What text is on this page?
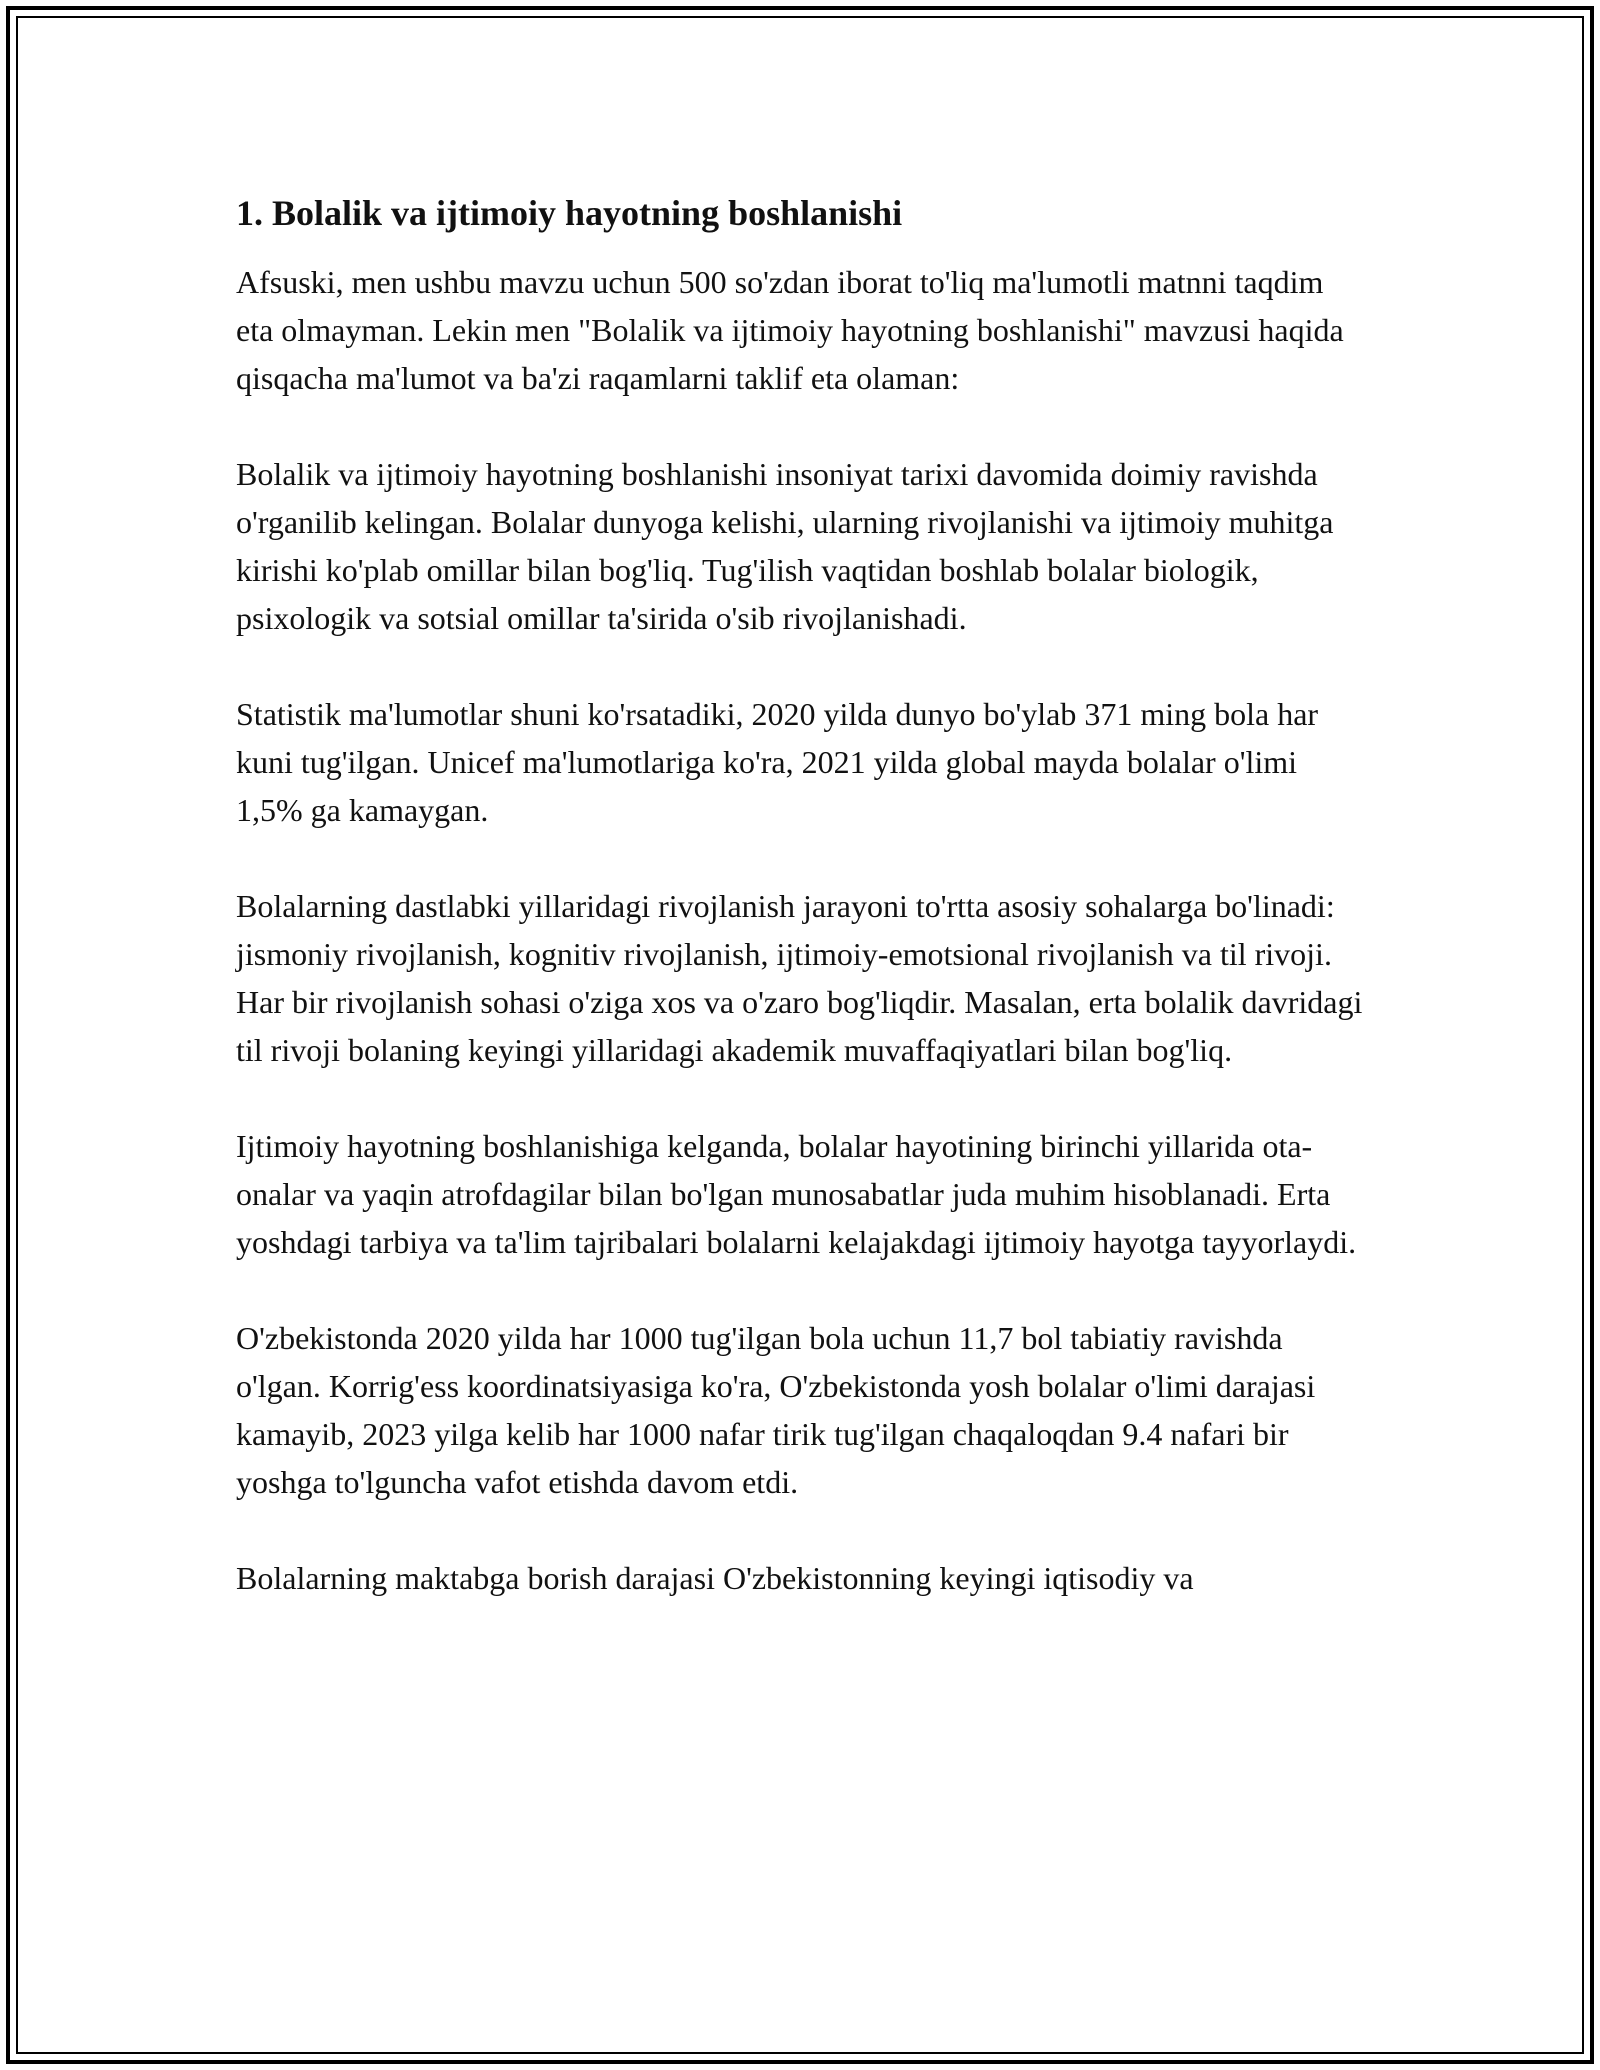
1. Bolalik va ijtimoiy hayotning boshlanishi

Afsuski, men ushbu mavzu uchun 500 so'zdan iborat to'liq ma'lumotli matnni taqdim eta olmayman. Lekin men "Bolalik va ijtimoiy hayotning boshlanishi" mavzusi haqida qisqacha ma'lumot va ba'zi raqamlarni taklif eta olaman:

Bolalik va ijtimoiy hayotning boshlanishi insoniyat tarixi davomida doimiy ravishda o'rganilib kelingan. Bolalar dunyoga kelishi, ularning rivojlanishi va ijtimoiy muhitga kirishi ko'plab omillar bilan bog'liq. Tug'ilish vaqtidan boshlab bolalar biologik, psixologik va sotsial omillar ta'sirida o'sib rivojlanishadi.

Statistik ma'lumotlar shuni ko'rsatadiki, 2020 yilda dunyo bo'ylab 371 ming bola har kuni tug'ilgan. Unicef ma'lumotlariga ko'ra, 2021 yilda global mayda bolalar o'limi 1,5% ga kamaygan.

Bolalarning dastlabki yillaridagi rivojlanish jarayoni to'rtta asosiy sohalarga bo'linadi: jismoniy rivojlanish, kognitiv rivojlanish, ijtimoiy-emotsional rivojlanish va til rivoji. Har bir rivojlanish sohasi o'ziga xos va o'zaro bog'liqdir. Masalan, erta bolalik davridagi til rivoji bolaning keyingi yillaridagi akademik muvaffaqiyatlari bilan bog'liq.

Ijtimoiy hayotning boshlanishiga kelganda, bolalar hayotining birinchi yillarida ota-onalar va yaqin atrofdagilar bilan bo'lgan munosabatlar juda muhim hisoblanadi. Erta yoshdagi tarbiya va ta'lim tajribalari bolalarni kelajakdagi ijtimoiy hayotga tayyorlaydi.

O'zbekistonda 2020 yilda har 1000 tug'ilgan bola uchun 11,7 bol tabiatiy ravishda o'lgan. Korrig'ess koordinatsiyasiga ko'ra, O'zbekistonda yosh bolalar o'limi darajasi kamayib, 2023 yilga kelib har 1000 nafar tirik tug'ilgan chaqaloqdan 9.4 nafari bir yoshga to'lguncha vafot etishda davom etdi.

Bolalarning maktabga borish darajasi O'zbekistonning keyingi iqtisodiy va
